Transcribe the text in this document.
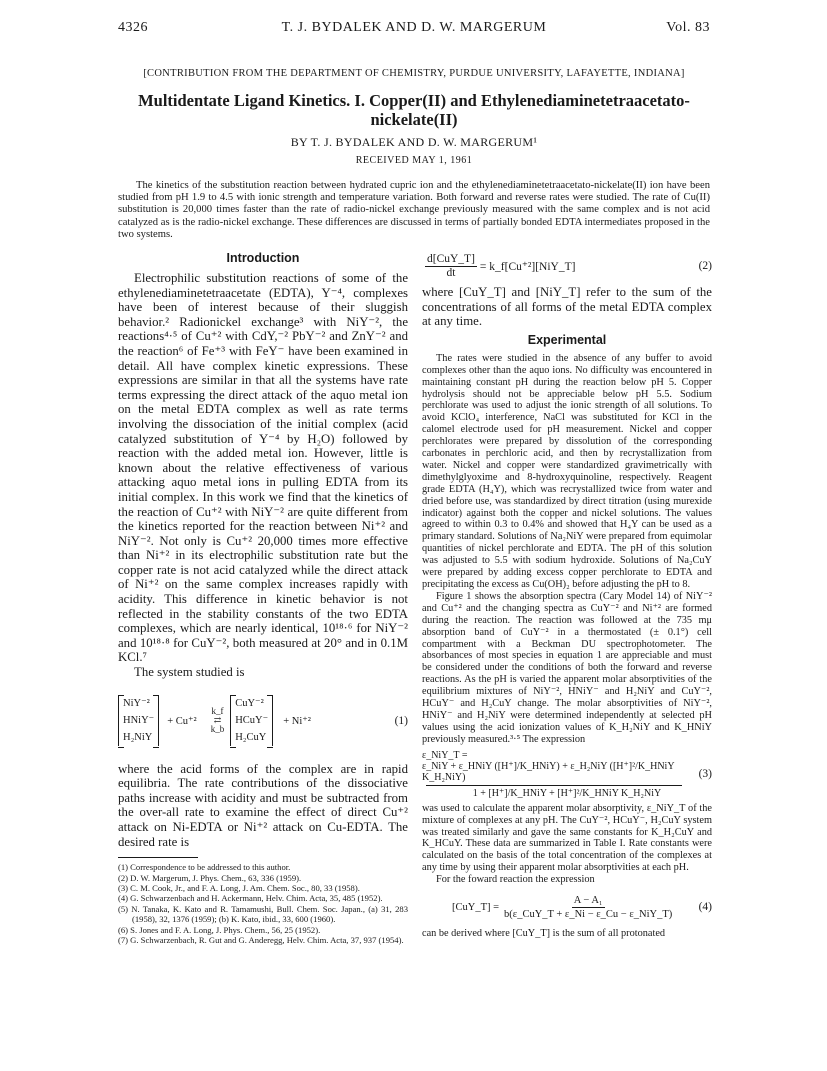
4326	T. J. BYDALEK AND D. W. MARGERUM	Vol. 83
[CONTRIBUTION FROM THE DEPARTMENT OF CHEMISTRY, PURDUE UNIVERSITY, LAFAYETTE, INDIANA]
Multidentate Ligand Kinetics. I. Copper(II) and Ethylenediaminetetraacetato-
nickelate(II)
BY T. J. BYDALEK AND D. W. MARGERUM¹
RECEIVED MAY 1, 1961

The kinetics of the substitution reaction between hydrated cupric ion and the ethylenediaminetetraacetato-nickelate(II) ion have been studied from pH 1.9 to 4.5 with ionic strength and temperature variation. Both forward and reverse rates were studied. The rate of Cu(II) substitution is 20,000 times faster than the rate of radio-nickel exchange previously measured with the same complex and is not acid catalyzed as is the radio-nickel exchange. These differences are discussed in terms of partially bonded EDTA intermediates proposed in the two systems.

Introduction

Electrophilic substitution reactions of some of the ethylenediaminetetraacetate (EDTA), Y⁻⁴, complexes have been of interest because of their sluggish behavior.² Radionickel exchange³ with NiY⁻², the reactions⁴·⁵ of Cu⁺² with CdY,⁻² PbY⁻² and ZnY⁻² and the reaction⁶ of Fe⁺³ with FeY⁻ have been examined in detail. All have complex kinetic expressions. These expressions are similar in that all the systems have rate terms expressing the direct attack of the aquo metal ion on the metal EDTA complex as well as rate terms involving the dissociation of the initial complex (acid catalyzed substitution of Y⁻⁴ by H₂O) followed by reaction with the added metal ion. However, little is known about the relative effectiveness of various attacking aquo metal ions in pulling EDTA from its initial complex. In this work we find that the kinetics of the reaction of Cu⁺² with NiY⁻² are quite different from the kinetics reported for the reaction between Ni⁺² and NiY⁻². Not only is Cu⁺² 20,000 times more effective than Ni⁺² in its electrophilic substitution rate but the copper rate is not acid catalyzed while the direct attack of Ni⁺² on the same complex increases rapidly with acidity. This difference in kinetic behavior is not reflected in the stability constants of the two EDTA complexes, which are nearly identical, 10¹⁸·⁶ for NiY⁻² and 10¹⁸·⁸ for CuY⁻², both measured at 20° and in 0.1M KCl.⁷

The system studied is

NiY⁻²
HNiY⁻
H₂NiY
+ Cu⁺²
k_f
⇄
k_b
CuY⁻²
HCuY⁻
H₂CuY
+ Ni⁺²	(1)

where the acid forms of the complex are in rapid equilibria. The rate contributions of the dissociative paths increase with acidity and must be subtracted from the over-all rate to examine the effect of direct Cu⁺² attack on Ni-EDTA or Ni⁺² attack on Cu-EDTA. The desired rate is

(1) Correspondence to be addressed to this author.

(2) D. W. Margerum, J. Phys. Chem., 63, 336 (1959).

(3) C. M. Cook, Jr., and F. A. Long, J. Am. Chem. Soc., 80, 33 (1958).

(4) G. Schwarzenbach and H. Ackermann, Helv. Chim. Acta, 35, 485 (1952).

(5) N. Tanaka, K. Kato and R. Tamamushi, Bull. Chem. Soc. Japan., (a) 31, 283 (1958), 32, 1376 (1959); (b) K. Kato, ibid., 33, 600 (1960).

(6) S. Jones and F. A. Long, J. Phys. Chem., 56, 25 (1952).

(7) G. Schwarzenbach, R. Gut and G. Anderegg, Helv. Chim. Acta, 37, 937 (1954).

$\frac{\text{d[CuY\_T]}}{dt}$ = k_f[Cu⁺²][NiY_T]	(2)

where [CuY_T] and [NiY_T] refer to the sum of the concentrations of all forms of the metal EDTA complex at any time.

Experimental

The rates were studied in the absence of any buffer to avoid complexes other than the aquo ions. No difficulty was encountered in maintaining constant pH during the reaction below pH 5. Copper hydrolysis should not be appreciable below pH 5.5. Sodium perchlorate was used to adjust the ionic strength of all solutions. To avoid KClO₄ interference, NaCl was substituted for KCl in the calomel electrode used for pH measurement. Nickel and copper perchlorates were prepared by dissolution of the corresponding carbonates in perchloric acid, and then by recrystallization from water. Nickel and copper were standardized gravimetrically with dimethylglyoxime and 8-hydroxyquinoline, respectively. Reagent grade EDTA (H₄Y), which was recrystallized twice from water and dried before use, was standardized by direct titration (using murexide indicator) against both the copper and nickel solutions. The values agreed to within 0.3 to 0.4% and showed that H₄Y can be used as a primary standard. Solutions of Na₂NiY were prepared from equimolar quantities of nickel perchlorate and EDTA. The pH of this solution was adjusted to 5.5 with sodium hydroxide. Solutions of Na₂CuY were prepared by adding excess copper perchlorate to EDTA and precipitating the excess as Cu(OH)₂ before adjusting the pH to 8.

Figure 1 shows the absorption spectra (Cary Model 14) of NiY⁻² and Cu⁺² and the changing spectra as CuY⁻² and Ni⁺² are formed during the reaction. The reaction was followed at the 735 mμ absorption band of CuY⁻² in a thermostated (± 0.1°) cell compartment with a Beckman DU spectrophotometer. The absorbances of most species in equation 1 are appreciable and must be considered under the conditions of both the forward and reverse reactions. As the pH is varied the apparent molar absorptivities of the equilibrium mixtures of NiY⁻², HNiY⁻ and H₂NiY and CuY⁻², HCuY⁻ and H₂CuY change. The molar absorptivities of NiY⁻², HNiY⁻ and H₂NiY were determined independently at selected pH values using the acid ionization values of K_H₂NiY and K_HNiY previously measured.³·⁵ The expression

ε_NiY_T =
ε_NiY + ε_HNiY ([H⁺]/K_HNiY) + ε_H₂NiY ([H⁺]²/K_HNiY K_H₂NiY)
1 + [H⁺]/K_HNiY + [H⁺]²/K_HNiY K_H₂NiY
(3)

was used to calculate the apparent molar absorptivity, ε_NiY_T of the mixture of complexes at any pH. The CuY⁻², HCuY⁻, H₂CuY system was treated similarly and gave the same constants for K_H₂CuY and K_HCuY. These data are summarized in Table I. Rate constants were calculated on the basis of the total concentration of the complexes at any time by using their apparent molar absorptivities at each pH.

For the foward reaction the expression

[CuY_T] = $\frac{\text{A − A₁}}{\text{b(ε\_CuY\_T + ε\_Ni − ε\_Cu − ε\_NiY\_T)}} (4)$

can be derived where [CuY_T] is the sum of all protonated
